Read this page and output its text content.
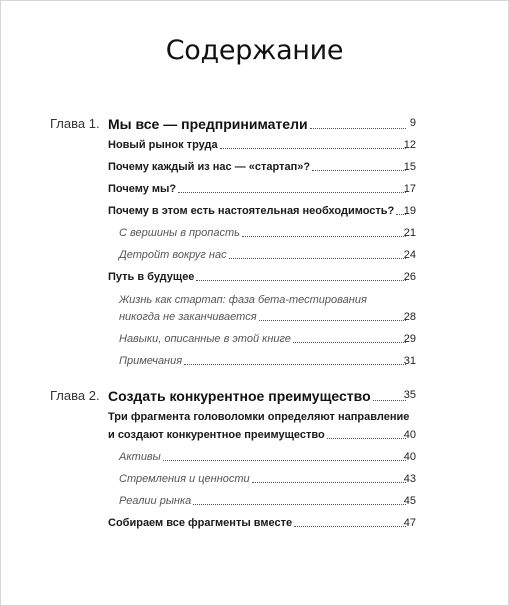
Содержание
Глава 1. Мы все — предприниматели	9
Новый рынок труда	12
Почему каждый из нас — «стартап»?	15
Почему мы?	17
Почему в этом есть настоятельная необходимость? 19
С вершины в пропасть	21
Детройт вокруг нас	24
Путь в будущее	26
Жизнь как стартап: фаза бета-тестирования
никогда не заканчивается	28
Навыки, описанные в этой книге	29
Примечания	31
Глава 2. Создать конкурентное преимущество	35
Три фрагмента головоломки определяют направление
и создают конкурентное преимущество	40
Активы	40
Стремления и ценности	43
Реалии рынка	45
Собираем все фрагменты вместе	47
